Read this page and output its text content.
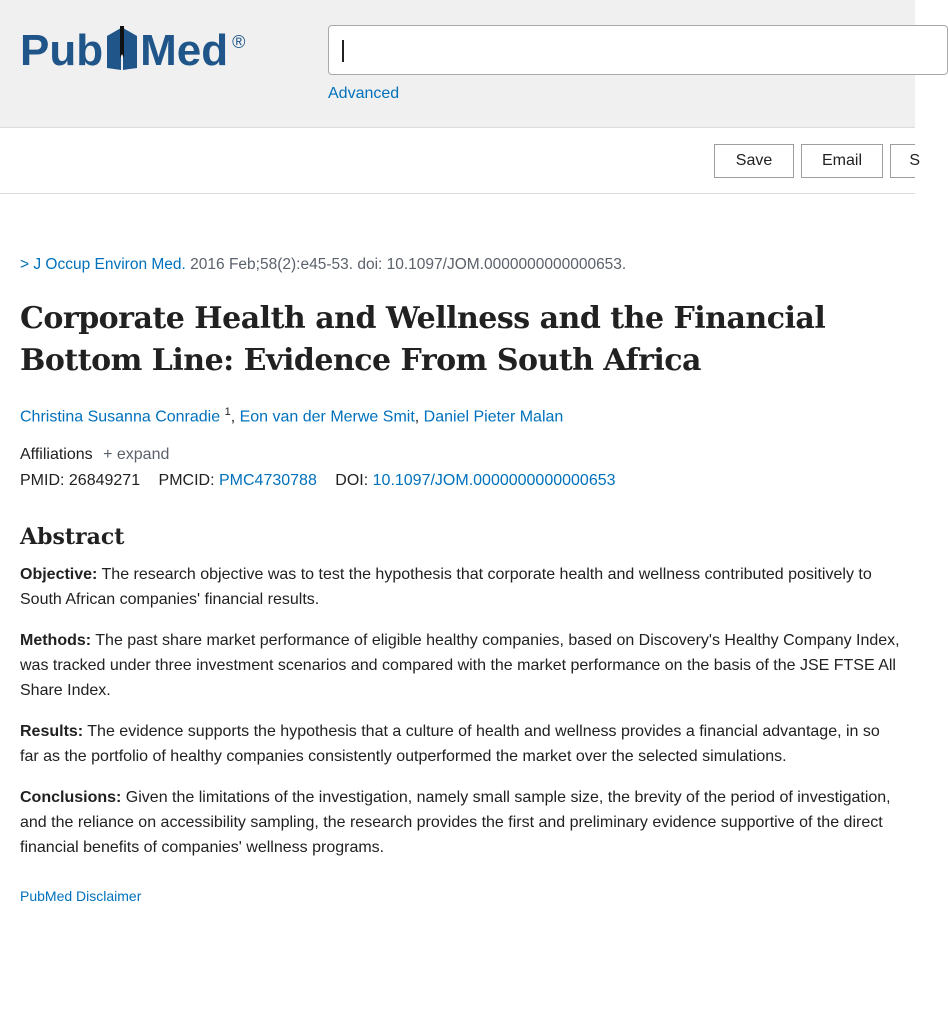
Pub Med ®
Advanced
Save	Email	S
> J Occup Environ Med. 2016 Feb;58(2):e45-53. doi: 10.1097/JOM.0000000000000653.
Corporate Health and Wellness and the Financial Bottom Line: Evidence From South Africa
Christina Susanna Conradie $^1$, Eon van der Merwe Smit, Daniel Pieter Malan
Affiliations + expand
PMID: 26849271 PMCID: PMC4730788 DOI: 10.1097/JOM.0000000000000653
Abstract

Objective: The research objective was to test the hypothesis that corporate health and wellness contributed positively to South African companies' financial results.

Methods: The past share market performance of eligible healthy companies, based on Discovery's Healthy Company Index, was tracked under three investment scenarios and compared with the market performance on the basis of the JSE FTSE All Share Index.

Results: The evidence supports the hypothesis that a culture of health and wellness provides a financial advantage, in so far as the portfolio of healthy companies consistently outperformed the market over the selected simulations.

Conclusions: Given the limitations of the investigation, namely small sample size, the brevity of the period of investigation, and the reliance on accessibility sampling, the research provides the first and preliminary evidence supportive of the direct financial benefits of companies' wellness programs.

PubMed Disclaimer
